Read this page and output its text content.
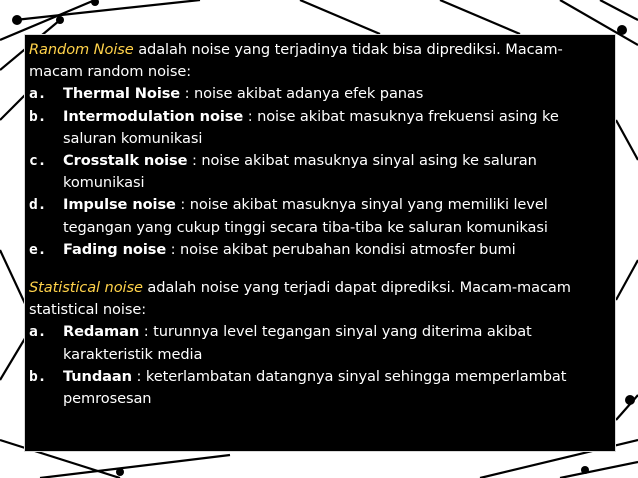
Random Noise adalah noise yang terjadinya tidak bisa diprediksi. Macam-macam random noise:
a.	Thermal Noise : noise akibat adanya efek panas
b.	Intermodulation noise : noise akibat masuknya frekuensi asing ke saluran komunikasi
c.	Crosstalk noise : noise akibat masuknya sinyal asing ke saluran komunikasi
d.	Impulse noise : noise akibat masuknya sinyal yang memiliki level tegangan yang cukup tinggi secara tiba-tiba ke saluran komunikasi
e.	Fading noise : noise akibat perubahan kondisi atmosfer bumi
Statistical noise adalah noise yang terjadi dapat diprediksi. Macam-macam statistical noise:
a.	Redaman : turunnya level tegangan sinyal yang diterima akibat karakteristik media
b.	Tundaan : keterlambatan datangnya sinyal sehingga memperlambat pemrosesan
